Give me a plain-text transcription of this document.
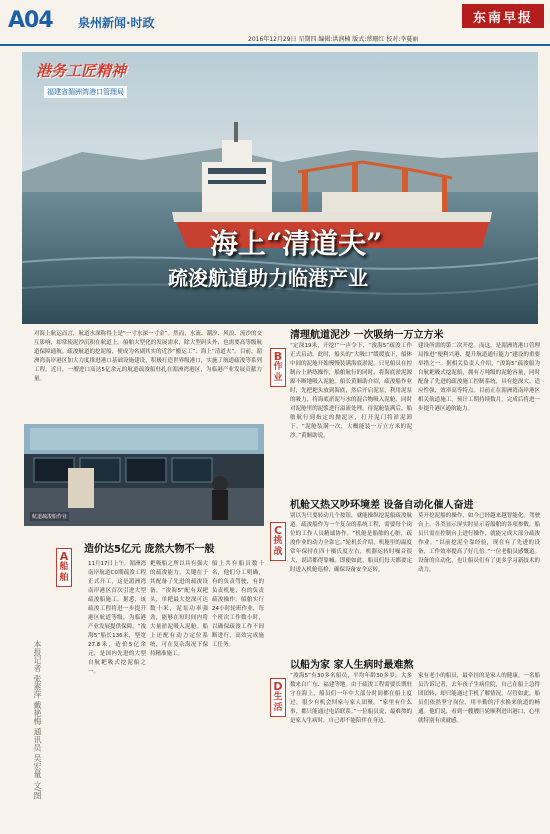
A04 泉州新闻·时政	东南早报
2016年12月29日 星期四 编辑:洪润楠 版式:蔡珊红 校对:李蔓丽
港务工匠精神
福建省湄洲湾港口管理局
海上“清道夫”
疏浚航道助力临港产业
对海上航运而言，航道水深称得上是“一寸水深一寸金”。然而，水流、潮汐、风浪、流沙的交互影响，却常使泥沙沉积在航道上。船舶大型化的发展需求，除大型码头外，也需要高等级航道保障通航。疏浚航道的挖泥船，便成为名副其实的近沙“搬运工”、海上“清道夫”。目前，湄洲湾南岸港区加大力度推进港口基础设施建设，积极打造世界级港口，实施了航道疏浚等系列工程。近日，一艘进口高达5亿余元的航道疏浚船驻扎在湄洲湾港区，为临港产业发展贡献力量。
航道疏浚船作业
B
作业
清理航道泥沙 一次吸纳一万立方米
“定深19米，开挖!”一声令下，“浚海5”疏浚工作正式启动。此时，船头的“大吸口”缓缓放下，船体中间的泥舱开始慢慢装满海底淤泥。只见船员在控制台上熟练操作，船舶航行的同时，将海底淤泥源源不断地吸入泥舱。船长黄顺助介绍，疏浚船作业时，先把耙头放到海底，然后开启泥泵，利用泥泵的吸力，将海底淤泥与水的混合物吸入泥舱，同时对泥舱里的泥浆进行溢流处理。待泥舱装满后，船舶航行到指定的抛泥区，打开泥门将淤泥卸下。“泥舱装满一次，大概能装一万立方米的泥沙。”黄顺助说。
建设所需的第二次开挖。而这，是湄洲湾港口管理局推进“便利兴港、提升航道通行能力”建设的重要举措之一。据相关负责人介绍，“浚海5”疏浚船为自航耙吸式挖泥船，拥有万吨级的泥舱容量，同时配备了先进的疏浚施工控制系统，具有挖深大、适应性强、效率高等特点。目前正在湄洲湾南岸港区相关航道施工，预计工期持续数月，完成后将进一步提升港区通航能力。
C
挑战
机舱又热又吵环境差 设备自动化催人奋进
别以为只要转动几个按钮，就能操纵挖泥船疏浚航道。疏浚船作为一个复杂的系统工程，需要每个岗位的工作人员精诚协作。“机舱是船舶的心脏，疏浚作业的动力全靠它。”轮机长介绍，机舱里的温度常年保持在四十摄氏度左右，机器运转时噪音很大，说话都得靠喊。即便如此，船员们每天都要定时进入机舱巡检，确保设备安全运转。
莫开挖泥船的操作，如今已经越来越智能化。驾驶台上，各类显示屏实时显示着船舶的各项参数，船员只需在控制台上进行操作，就能完成大部分疏浚作业。“以前挖泥全靠经验，现在有了先进的设备，工作效率提高了好几倍。”一位老船员感慨道。设备的自动化，也让船员们有了更多学习新技术的动力。
A
船舶
造价达5亿元 庞然大物不一般
11月17日上午，湄洲湾南岸航道C0期疏浚工程正式开工，这是湄洲湾南岸港区首次引进大型疏浚船施工。据悉，该疏浚工程将进一步提升港区航道等级，为临港产业发展提供保障。“浚海5”船长136米，型宽27.8米，造价5亿余元，是国内先进的大型自航耙吸式挖泥船之一。
耙吸船之所以具有强大的疏浚能力，关键在于其配备了先进的疏浚设备。“浚海5”配有双耙头，单耙最大挖深可达数十米，泥泵功率强劲，能够在短时间内将大量淤泥吸入泥舱。船上还配有动力定位系统，可在复杂海况下保持精准施工。
船上共有船员数十名，他们分工明确，有的负责驾驶，有的负责机舱，有的负责疏浚操作。船舶实行24小时轮班作业，每个班次工作数小时，以确保疏浚工作不间断进行，高效完成施工任务。
D
生活
以船为家 家人生病时最难熬
“浚海5”有30多名船员，平均年龄30多岁，大多数来自广东、福建等地。由于疏浚工程需要长期驻守在海上，船员们一年中大部分时间都在船上度过，很少有机会回家与家人团聚。“家里有什么事，都只能通过电话联系。”一位船员说，最难熬的是家人生病时，自己却不能陪伴在身边。
家有老小的船员，最牵挂的是家人的健康。一名船员告诉记者，去年孩子生病住院，自己在船上急得团团转，却只能通过手机了解情况。尽管如此，船员们依然坚守岗位，用辛勤的汗水换来航道的畅通。他们说，看到一艘艘巨轮顺利进出港口，心里就特别有成就感。
本报记者 张素萍 戴艳梅 通讯员 吴宏量 文/图
